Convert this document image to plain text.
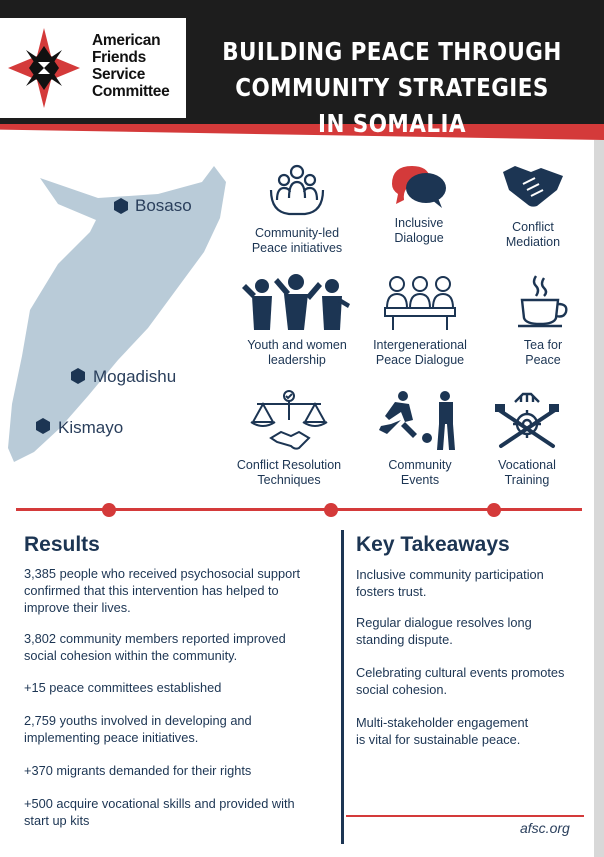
American
Friends
Service
Committee
BUILDING PEACE THROUGH
COMMUNITY STRATEGIES IN SOMALIA
Bosaso
Mogadishu
Kismayo
Community-led
Peace initiatives
Inclusive
Dialogue
Conflict
Mediation
Youth and women
leadership
Intergenerational
Peace Dialogue
Tea for
Peace
Conflict Resolution
Techniques
Community
Events
Vocational
Training
Results
3,385 people who received psychosocial support
confirmed that this intervention has helped to
improve their lives.
3,802 community members reported improved
social cohesion within the community.
+15 peace committees established
2,759 youths involved in developing and
implementing peace initiatives.
+370 migrants demanded for their rights
+500 acquire vocational skills and provided with
start up kits
Key Takeaways
Inclusive community participation
fosters trust.
Regular dialogue resolves long
standing dispute.
Celebrating cultural events promotes
social cohesion.
Multi-stakeholder engagement
is vital for sustainable peace.
afsc.org
